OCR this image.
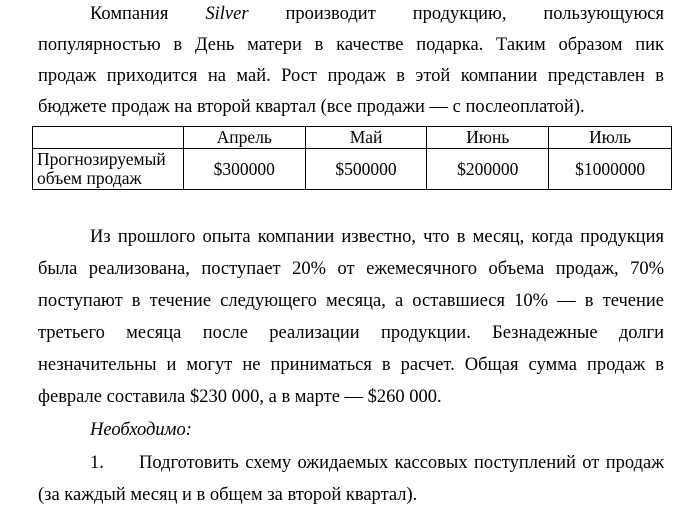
Компания Silver производит продукцию, пользующуюся
популярностью в День матери в качестве подарка. Таким образом пик
продаж приходится на май. Рост продаж в этой компании представлен в
бюджете продаж на второй квартал (все продажи — с послеоплатой).
	Апрель	Май	Июнь	Июль
Прогнозируемый
объем продаж	$300000	$500000	$200000	$1000000
Из прошлого опыта компании известно, что в месяц, когда продукция
была реализована, поступает 20% от ежемесячного объема продаж, 70%
поступают в течение следующего месяца, а оставшиеся 10% — в течение
третьего месяца после реализации продукции. Безнадежные долги
незначительны и могут не приниматься в расчет. Общая сумма продаж в
феврале составила $230 000, а в марте — $260 000.
Необходимо:
1. Подготовить схему ожидаемых кассовых поступлений от продаж
(за каждый месяц и в общем за второй квартал).
